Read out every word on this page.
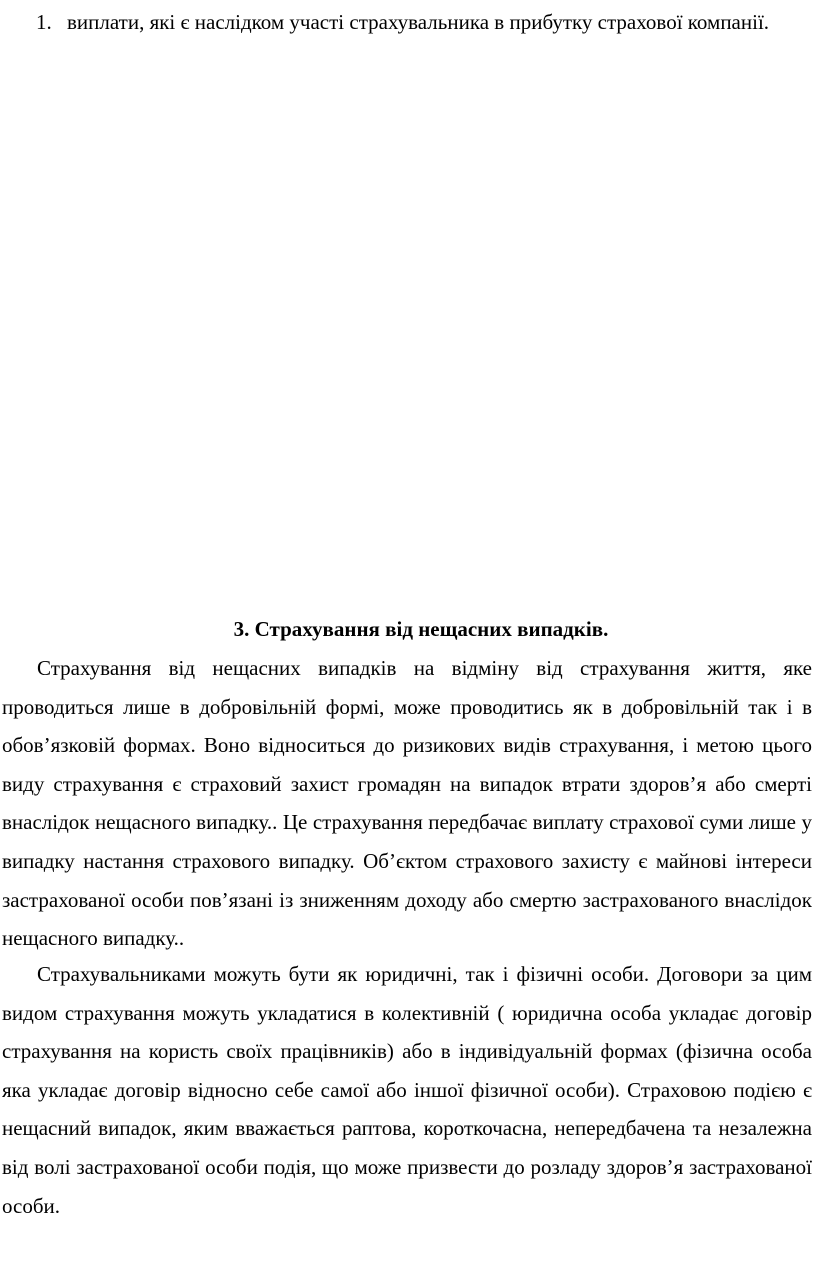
1. виплати, які є наслідком участі страхувальника в прибутку страхової компанії.
3. Страхування від нещасних випадків.

Страхування від нещасних випадків на відміну від страхування життя, яке проводиться лише в добровільній формі, може проводитись як в добровільній так і в обов’язковій формах. Воно відноситься до ризикових видів страхування, і метою цього виду страхування є страховий захист громадян на випадок втрати здоров’я або смерті внаслідок нещасного випадку.. Це страхування передбачає виплату страхової суми лише у випадку настання страхового випадку. Об’єктом страхового захисту є майнові інтереси застрахованої особи пов’язані із зниженням доходу або смертю застрахованого внаслідок нещасного випадку..

Страхувальниками можуть бути як юридичні, так і фізичні особи. Договори за цим видом страхування можуть укладатися в колективній ( юридична особа укладає договір страхування на користь своїх працівників) або в індивідуальній формах (фізична особа яка укладає договір відносно себе самої або іншої фізичної особи). Страховою подією є нещасний випадок, яким вважається раптова, короткочасна, непередбачена та незалежна від волі застрахованої особи подія, що може призвести до розладу здоров’я застрахованої особи.
